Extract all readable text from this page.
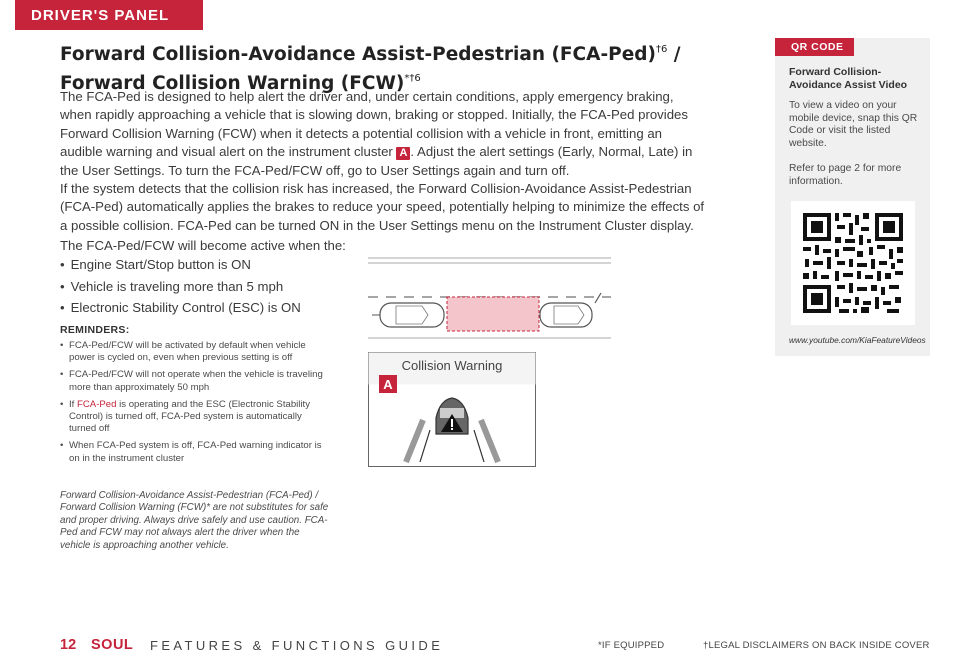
DRIVER'S PANEL
Forward Collision-Avoidance Assist-Pedestrian $(FCA-Ped)^{\dagger 6}$ /
Forward Collision Warning (FCW)$^{*\dagger 6}$
The FCA-Ped is designed to help alert the driver and, under certain conditions, apply emergency braking, when rapidly approaching a vehicle that is slowing down, braking or stopped. Initially, the FCA-Ped provides Forward Collision Warning (FCW) when it detects a potential collision with a vehicle in front, emitting an audible warning and visual alert on the instrument cluster A . Adjust the alert settings (Early, Normal, Late) in the User Settings. To turn the FCA-Ped/FCW off, go to User Settings again and turn off.
If the system detects that the collision risk has increased, the Forward Collision-Avoidance Assist-Pedestrian (FCA-Ped) automatically applies the brakes to reduce your speed, potentially helping to minimize the effects of a possible collision. FCA-Ped can be turned ON in the User Settings menu on the Instrument Cluster display.
The FCA-Ped/FCW will become active when the:
• Engine Start/Stop button is ON
• Vehicle is traveling more than 5 mph
• Electronic Stability Control (ESC) is ON
REMINDERS:
• FCA-Ped/FCW will be activated by default when vehicle power is cycled on, even when previous setting is off
• FCA-Ped/FCW will not operate when the vehicle is traveling more than approximately 50 mph
• If FCA-Ped is operating and the ESC (Electronic Stability Control) is turned off, FCA-Ped system is automatically turned off
• When FCA-Ped system is off, FCA-Ped warning indicator is on in the instrument cluster
Forward Collision-Avoidance Assist-Pedestrian (FCA-Ped) / Forward Collision Warning (FCW)* are not substitutes for safe and proper driving. Always drive safely and use caution. FCA-Ped and FCW may not always alert the driver when the vehicle is approaching another vehicle.
Collision Warning
A
QR CODE
Forward Collision-Avoidance Assist Video
To view a video on your mobile device, snap this QR Code or visit the listed website.
Refer to page 2 for more information.
www.youtube.com/KiaFeatureVideos
12 SOUL FEATURES & FUNCTIONS GUIDE	*IF EQUIPPED	†LEGAL DISCLAIMERS ON BACK INSIDE COVER
